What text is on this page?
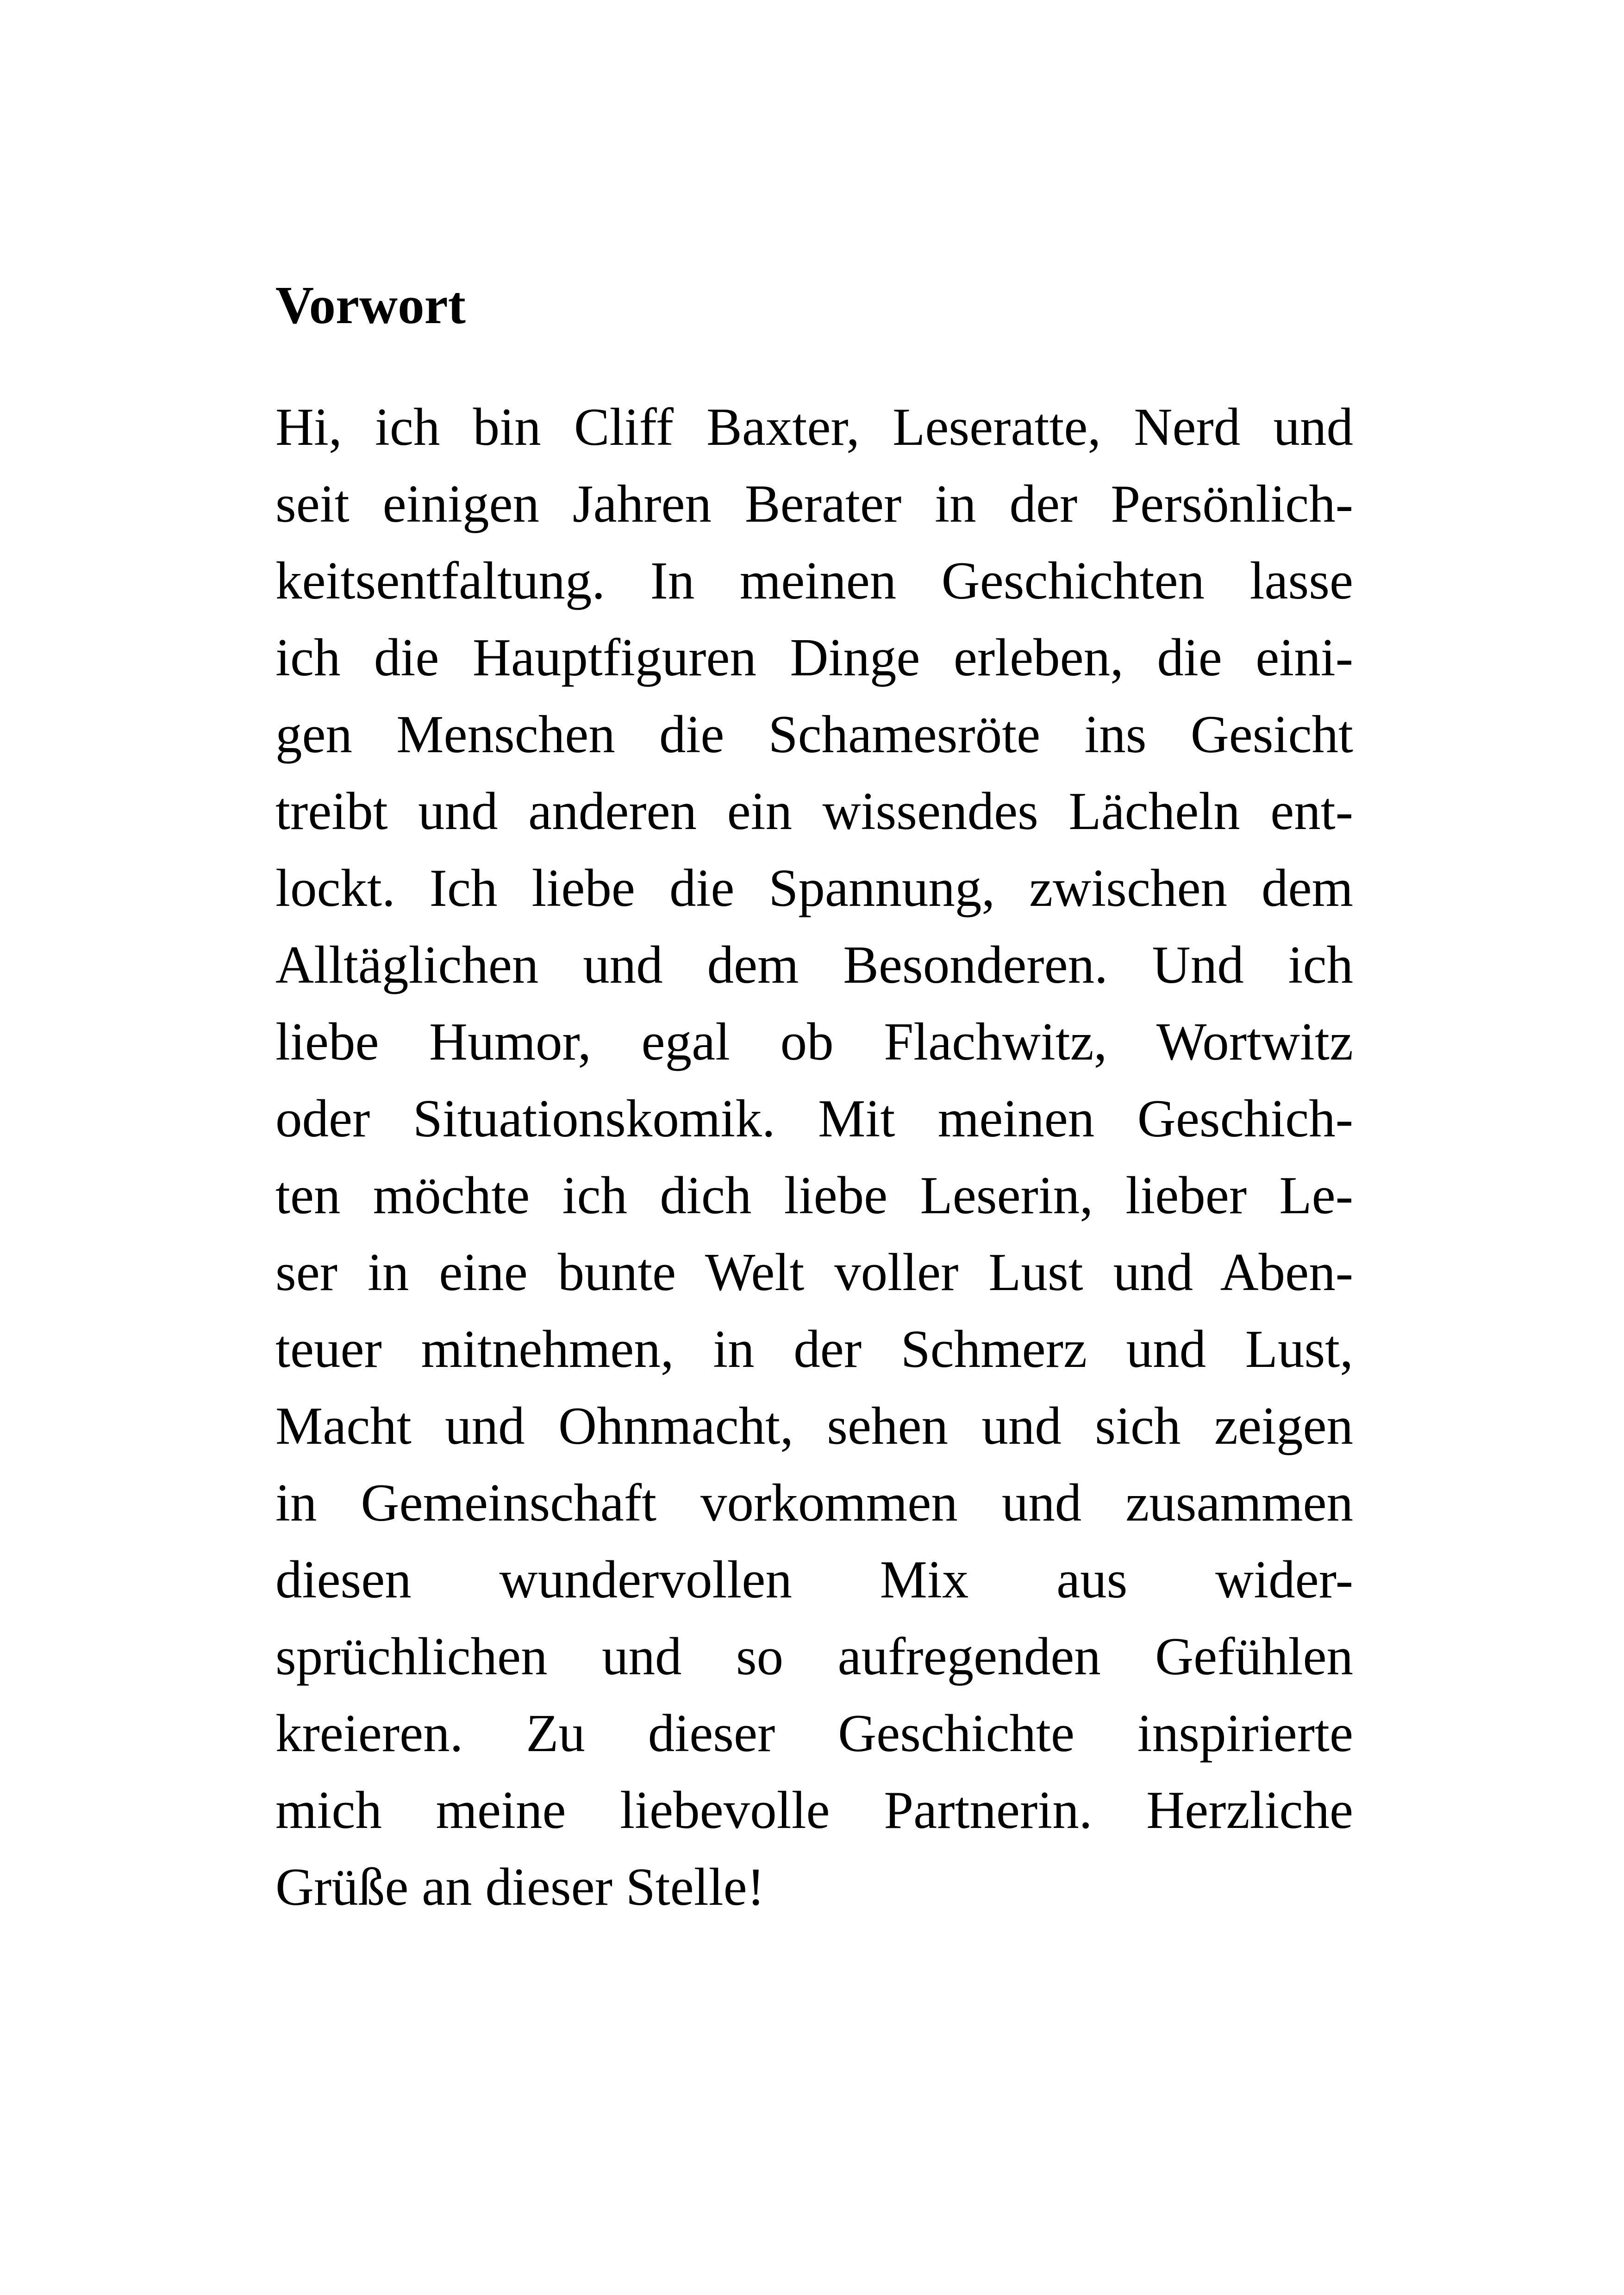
Vorwort
Hi, ich bin Cliff Baxter, Leseratte, Nerd und
seit einigen Jahren Berater in der Persönlich-
keitsentfaltung. In meinen Geschichten lasse
ich die Hauptfiguren Dinge erleben, die eini-
gen Menschen die Schamesröte ins Gesicht
treibt und anderen ein wissendes Lächeln ent-
lockt. Ich liebe die Spannung, zwischen dem
Alltäglichen und dem Besonderen. Und ich
liebe Humor, egal ob Flachwitz, Wortwitz
oder Situationskomik. Mit meinen Geschich-
ten möchte ich dich liebe Leserin, lieber Le-
ser in eine bunte Welt voller Lust und Aben-
teuer mitnehmen, in der Schmerz und Lust,
Macht und Ohnmacht, sehen und sich zeigen
in Gemeinschaft vorkommen und zusammen
diesen wundervollen Mix aus wider-
sprüchlichen und so aufregenden Gefühlen
kreieren. Zu dieser Geschichte inspirierte
mich meine liebevolle Partnerin. Herzliche
Grüße an dieser Stelle!
